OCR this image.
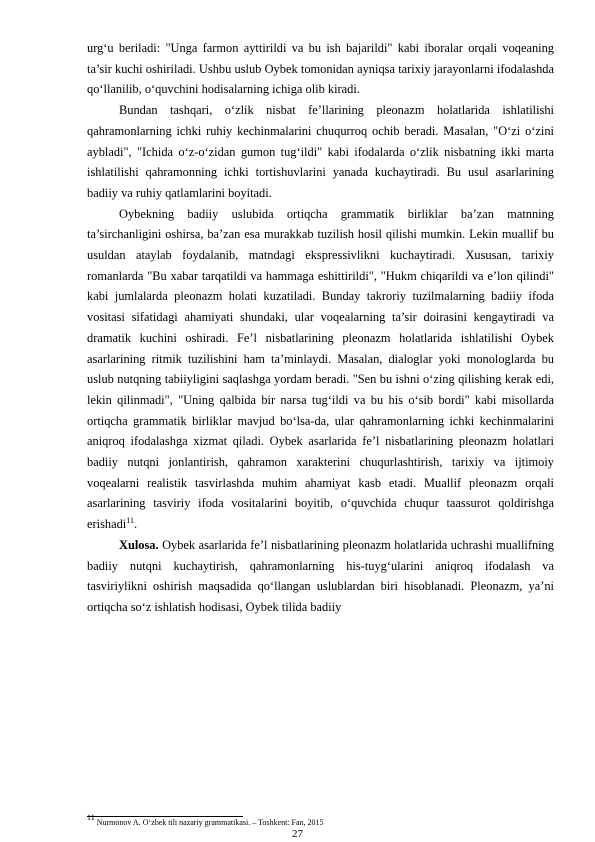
urg‘u beriladi: "Unga farmon ayttirildi va bu ish bajarildi" kabi iboralar orqali voqeaning ta’sir kuchi oshiriladi. Ushbu uslub Oybek tomonidan ayniqsa tarixiy jarayonlarni ifodalashda qo‘llanilib, o‘quvchini hodisalarning ichiga olib kiradi.

Bundan tashqari, o‘zlik nisbat fe’llarining pleonazm holatlarida ishlatilishi qahramonlarning ichki ruhiy kechinmalarini chuqurroq ochib beradi. Masalan, "O‘zi o‘zini aybladi", "Ichida o‘z-o‘zidan gumon tug‘ildi" kabi ifodalarda o‘zlik nisbatning ikki marta ishlatilishi qahramonning ichki tortishuvlarini yanada kuchaytiradi. Bu usul asarlarining badiiy va ruhiy qatlamlarini boyitadi.

Oybekning badiiy uslubida ortiqcha grammatik birliklar ba’zan matnning ta’sirchanligini oshirsa, ba’zan esa murakkab tuzilish hosil qilishi mumkin. Lekin muallif bu usuldan ataylab foydalanib, matndagi ekspressivlikni kuchaytiradi. Xususan, tarixiy romanlarda "Bu xabar tarqatildi va hammaga eshittirildi", "Hukm chiqarildi va e’lon qilindi" kabi jumlalarda pleonazm holati kuzatiladi. Bunday takroriy tuzilmalarning badiiy ifoda vositasi sifatidagi ahamiyati shundaki, ular voqealarning ta’sir doirasini kengaytiradi va dramatik kuchini oshiradi. Fe’l nisbatlarining pleonazm holatlarida ishlatilishi Oybek asarlarining ritmik tuzilishini ham ta’minlaydi. Masalan, dialoglar yoki monologlarda bu uslub nutqning tabiiyligini saqlashga yordam beradi. "Sen bu ishni o‘zing qilishing kerak edi, lekin qilinmadi", "Uning qalbida bir narsa tug‘ildi va bu his o‘sib bordi" kabi misollarda ortiqcha grammatik birliklar mavjud bo‘lsa-da, ular qahramonlarning ichki kechinmalarini aniqroq ifodalashga xizmat qiladi. Oybek asarlarida fe’l nisbatlarining pleonazm holatlari badiiy nutqni jonlantirish, qahramon xarakterini chuqurlashtirish, tarixiy va ijtimoiy voqealarni realistik tasvirlashda muhim ahamiyat kasb etadi. Muallif pleonazm orqali asarlarining tasviriy ifoda vositalarini boyitib, o‘quvchida chuqur taassurot qoldirishga erishadi$^{11}$.

Xulosa. Oybek asarlarida fe’l nisbatlarining pleonazm holatlarida uchrashi muallifning badiiy nutqni kuchaytirish, qahramonlarning his-tuyg‘ularini aniqroq ifodalash va tasviriylikni oshirish maqsadida qo‘llangan uslublardan biri hisoblanadi. Pleonazm, ya’ni ortiqcha so‘z ishlatish hodisasi, Oybek tilida badiiy

$^{11}$ Nurmonov A. O‘zbek tili nazariy grammatikasi. – Toshkent: Fan, 2015
27
